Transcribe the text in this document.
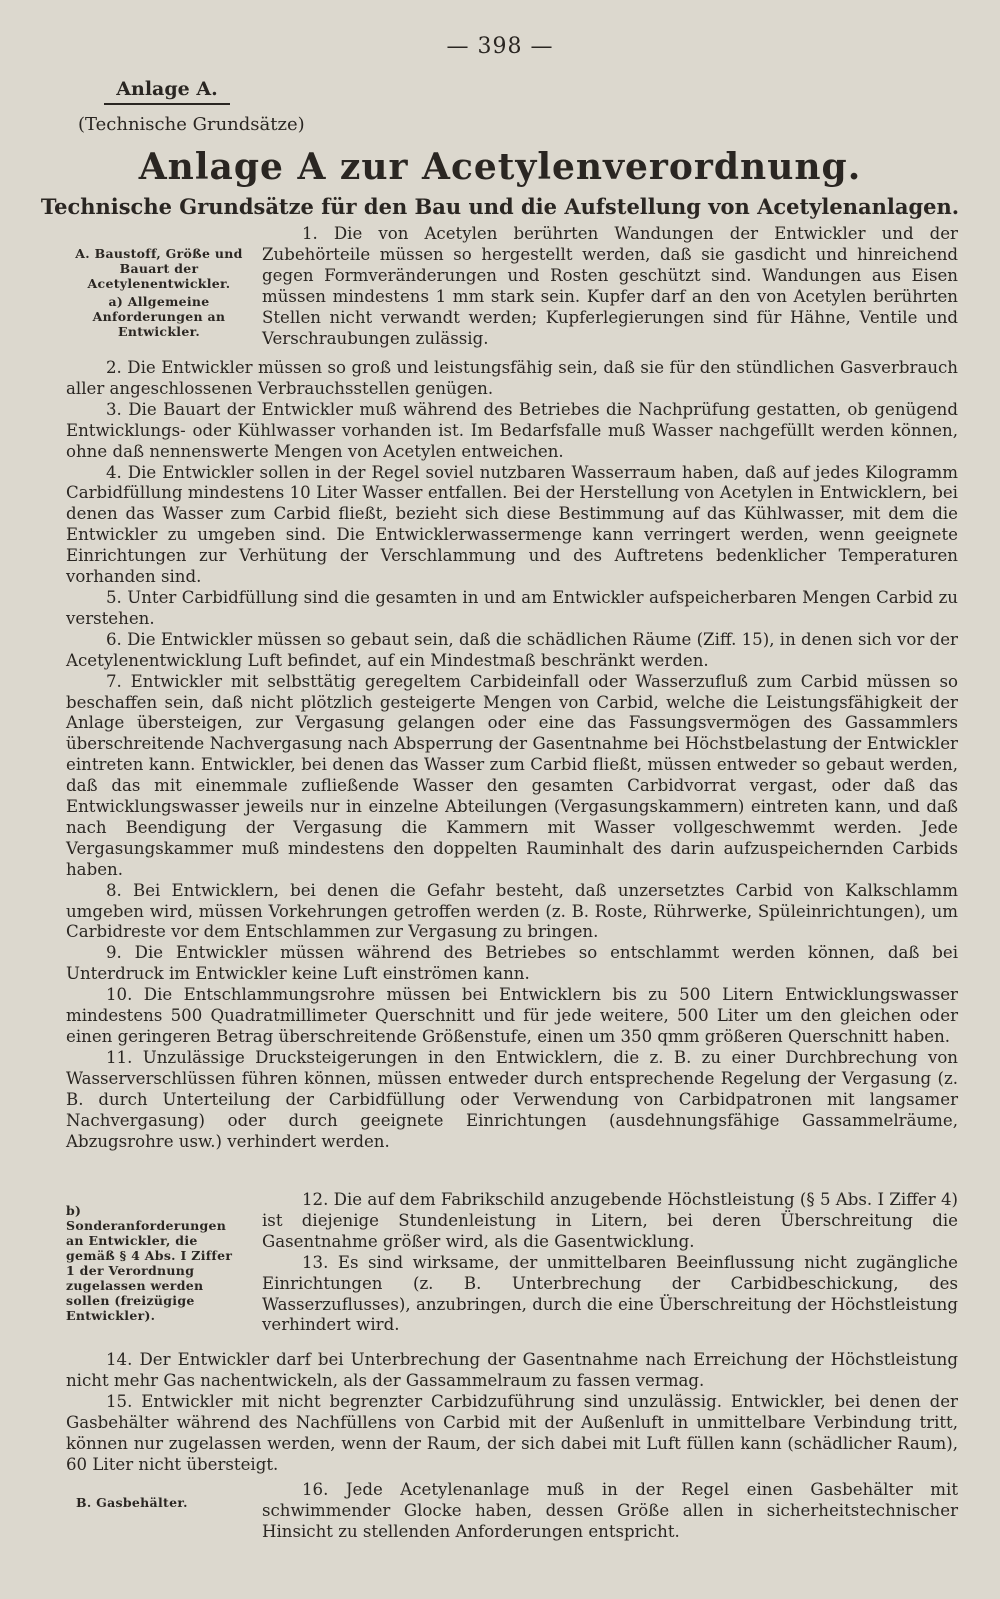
— 398 —
Anlage A.
(Technische Grundsätze)
Anlage A zur Acetylenverordnung.
Technische Grundsätze für den Bau und die Aufstellung von Acetylenanlagen.
A. Baustoff, Größe und Bauart der Acetylenentwickler.
a) Allgemeine Anforderungen an Entwickler.
b) Sonderanforderungen an Entwickler, die gemäß § 4 Abs. I Ziffer 1 der Verordnung zugelassen werden sollen (freizügige Entwickler).
B. Gasbehälter.

1. Die von Acetylen berührten Wandungen der Entwickler und der Zubehörteile müssen so hergestellt werden, daß sie gasdicht und hinreichend gegen Formveränderungen und Rosten geschützt sind. Wandungen aus Eisen müssen mindestens 1 mm stark sein. Kupfer darf an den von Acetylen berührten Stellen nicht verwandt werden; Kupferlegierungen sind für Hähne, Ventile und Verschraubungen zulässig.

2. Die Entwickler müssen so groß und leistungsfähig sein, daß sie für den stündlichen Gasverbrauch aller angeschlossenen Verbrauchsstellen genügen.

3. Die Bauart der Entwickler muß während des Betriebes die Nachprüfung gestatten, ob genügend Entwicklungs- oder Kühlwasser vorhanden ist. Im Bedarfsfalle muß Wasser nachgefüllt werden können, ohne daß nennenswerte Mengen von Acetylen entweichen.

4. Die Entwickler sollen in der Regel soviel nutzbaren Wasserraum haben, daß auf jedes Kilogramm Carbidfüllung mindestens 10 Liter Wasser entfallen. Bei der Herstellung von Acetylen in Entwicklern, bei denen das Wasser zum Carbid fließt, bezieht sich diese Bestimmung auf das Kühlwasser, mit dem die Entwickler zu umgeben sind. Die Entwicklerwassermenge kann verringert werden, wenn geeignete Einrichtungen zur Verhütung der Verschlammung und des Auftretens bedenklicher Temperaturen vorhanden sind.

5. Unter Carbidfüllung sind die gesamten in und am Entwickler aufspeicherbaren Mengen Carbid zu verstehen.

6. Die Entwickler müssen so gebaut sein, daß die schädlichen Räume (Ziff. 15), in denen sich vor der Acetylenentwicklung Luft befindet, auf ein Mindestmaß beschränkt werden.

7. Entwickler mit selbsttätig geregeltem Carbideinfall oder Wasserzufluß zum Carbid müssen so beschaffen sein, daß nicht plötzlich gesteigerte Mengen von Carbid, welche die Leistungsfähigkeit der Anlage übersteigen, zur Vergasung gelangen oder eine das Fassungsvermögen des Gassammlers überschreitende Nachvergasung nach Absperrung der Gasentnahme bei Höchstbelastung der Entwickler eintreten kann. Entwickler, bei denen das Wasser zum Carbid fließt, müssen entweder so gebaut werden, daß das mit einemmale zufließende Wasser den gesamten Carbidvorrat vergast, oder daß das Entwicklungswasser jeweils nur in einzelne Abteilungen (Vergasungskammern) eintreten kann, und daß nach Beendigung der Vergasung die Kammern mit Wasser vollgeschwemmt werden. Jede Vergasungskammer muß mindestens den doppelten Rauminhalt des darin aufzuspeichernden Carbids haben.

8. Bei Entwicklern, bei denen die Gefahr besteht, daß unzersetztes Carbid von Kalkschlamm umgeben wird, müssen Vorkehrungen getroffen werden (z. B. Roste, Rührwerke, Spüleinrichtungen), um Carbidreste vor dem Entschlammen zur Vergasung zu bringen.

9. Die Entwickler müssen während des Betriebes so entschlammt werden können, daß bei Unterdruck im Entwickler keine Luft einströmen kann.

10. Die Entschlammungsrohre müssen bei Entwicklern bis zu 500 Litern Entwicklungswasser mindestens 500 Quadratmillimeter Querschnitt und für jede weitere, 500 Liter um den gleichen oder einen geringeren Betrag überschreitende Größenstufe, einen um 350 qmm größeren Querschnitt haben.

11. Unzulässige Drucksteigerungen in den Entwicklern, die z. B. zu einer Durchbrechung von Wasserverschlüssen führen können, müssen entweder durch entsprechende Regelung der Vergasung (z. B. durch Unterteilung der Carbidfüllung oder Verwendung von Carbidpatronen mit langsamer Nachvergasung) oder durch geeignete Einrichtungen (ausdehnungsfähige Gassammelräume, Abzugsrohre usw.) verhindert werden.

12. Die auf dem Fabrikschild anzugebende Höchstleistung (§ 5 Abs. I Ziffer 4) ist diejenige Stundenleistung in Litern, bei deren Überschreitung die Gasentnahme größer wird, als die Gasentwicklung.

13. Es sind wirksame, der unmittelbaren Beeinflussung nicht zugängliche Einrichtungen (z. B. Unterbrechung der Carbidbeschickung, des Wasserzuflusses), anzubringen, durch die eine Überschreitung der Höchstleistung verhindert wird.

14. Der Entwickler darf bei Unterbrechung der Gasentnahme nach Erreichung der Höchstleistung nicht mehr Gas nachentwickeln, als der Gassammelraum zu fassen vermag.

15. Entwickler mit nicht begrenzter Carbidzuführung sind unzulässig. Entwickler, bei denen der Gasbehälter während des Nachfüllens von Carbid mit der Außenluft in unmittelbare Verbindung tritt, können nur zugelassen werden, wenn der Raum, der sich dabei mit Luft füllen kann (schädlicher Raum), 60 Liter nicht übersteigt.

16. Jede Acetylenanlage muß in der Regel einen Gasbehälter mit schwimmender Glocke haben, dessen Größe allen in sicherheitstechnischer Hinsicht zu stellenden Anforderungen entspricht.
